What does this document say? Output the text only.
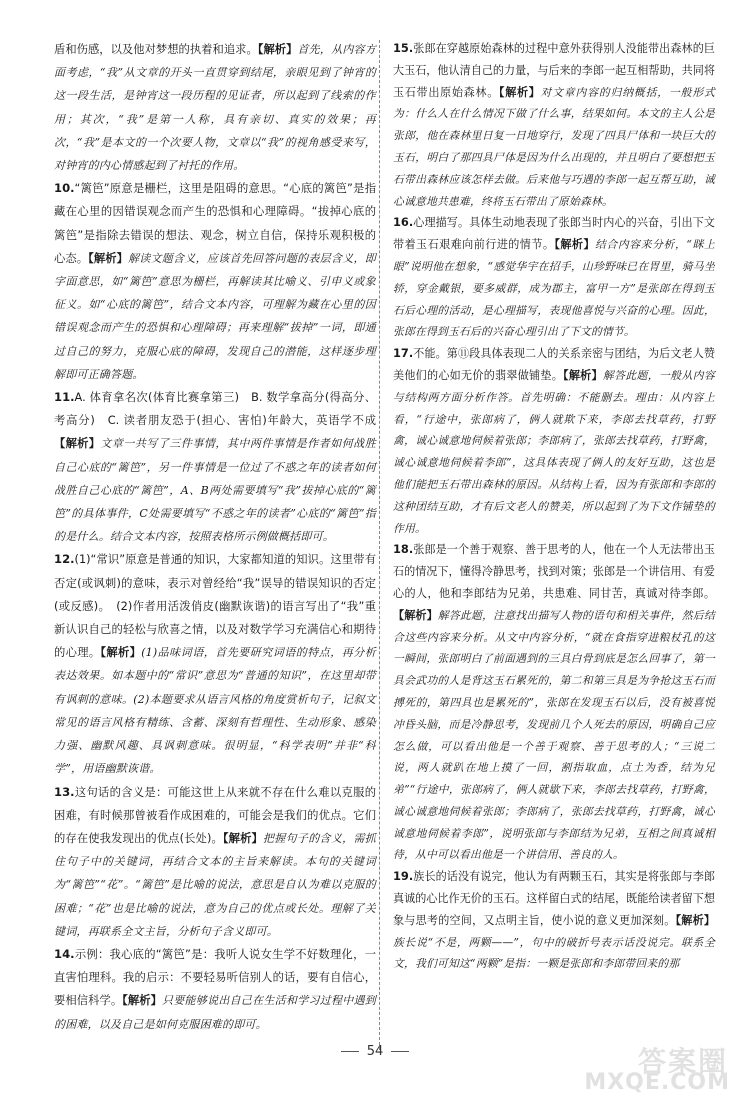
盾和伤感，以及他对梦想的执着和追求。【解析】首先，从内容方面考虑，“我”从文章的开头一直贯穿到结尾，亲眼见到了钟宵的这一段生活，是钟宵这一段历程的见证者，所以起到了线索的作用；其次，“我”是第一人称，具有亲切、真实的效果；再次，“我”是本文的一个次要人物，文章以“我”的视角感受来写，对钟宵的内心情感起到了衬托的作用。

10.“篱笆”原意是栅栏，这里是阻碍的意思。“心底的篱笆”是指藏在心里的因错误观念而产生的恐惧和心理障碍。“拔掉心底的篱笆”是指除去错误的想法、观念，树立自信，保持乐观积极的心态。【解析】解读文题含义，应该首先回答问题的表层含义，即字面意思，如“篱笆”意思为栅栏，再解读其比喻义、引申义或象征义。如“心底的篱笆”，结合文本内容，可理解为藏在心里的因错误观念而产生的恐惧和心理障碍；再来理解“拔掉”一词，即通过自己的努力，克服心底的障碍，发现自己的潜能，这样逐步理解即可正确答题。

11.A. 体育拿名次(体育比赛拿第三)　B. 数学拿高分(得高分、考高分)　C. 读者朋友恐于(担心、害怕)年龄大，英语学不成【解析】文章一共写了三件事情，其中两件事情是作者如何战胜自己心底的“篱笆”，另一件事情是一位过了不惑之年的读者如何战胜自己心底的“篱笆”，A、B两处需要填写“我”拔掉心底的“篱笆”的具体事件，C处需要填写“不惑之年的读者”心底的“篱笆”指的是什么。结合文本内容，按照表格所示例做概括即可。

12.(1)“常识”原意是普通的知识，大家都知道的知识。这里带有否定(或讽刺)的意味，表示对曾经给“我”误导的错误知识的否定(或反感)。　(2)作者用活泼俏皮(幽默诙谐)的语言写出了“我”重新认识自己的轻松与欣喜之情，以及对数学学习充满信心和期待的心理。【解析】(1)品味词语，首先要研究词语的特点，再分析表达效果。如本题中的“常识”意思为“普通的知识”，在这里却带有讽刺的意味。(2)本题要求从语言风格的角度赏析句子，记叙文常见的语言风格有精练、含蓄、深刻有哲理性、生动形象、感染力强、幽默风趣、具讽刺意味。很明显，“科学表明”并非“科学”，用语幽默诙谐。

13.这句话的含义是：可能这世上从来就不存在什么难以克服的困难，有时候那曾被看作成困难的，可能会是我们的优点。它们的存在使我发现出的优点(长处)。【解析】把握句子的含义，需抓住句子中的关键词，再结合文本的主旨来解读。本句的关键词为“篱笆”“花”。“篱笆”是比喻的说法，意思是自认为难以克服的困难；“花”也是比喻的说法，意为自己的优点或长处。理解了关键词，再联系全文主旨，分析句子含义即可。

14.示例：我心底的“篱笆”是：我听人说女生学不好数理化，一直害怕理科。我的启示：不要轻易听信别人的话，要有自信心，要相信科学。【解析】只要能够说出自己在生活和学习过程中遇到的困难，以及自己是如何克服困难的即可。

15.张郎在穿越原始森林的过程中意外获得别人没能带出森林的巨大玉石，他认清自己的力量，与后来的李郎一起互相帮助，共同将玉石带出原始森林。【解析】对文章内容的归纳概括，一般形式为：什么人在什么情况下做了什么事，结果如何。本文的主人公是张郎，他在森林里日复一日地穿行，发现了四具尸体和一块巨大的玉石，明白了那四具尸体是因为什么出现的，并且明白了要想把玉石带出森林应该怎样去做。后来他与巧遇的李郎一起互帮互助，诚心诚意地共患难，终将玉石带出了原始森林。

16.心理描写。具体生动地表现了张郎当时内心的兴奋，引出下文带着玉石艰难向前行进的情节。【解析】结合内容来分析，“眯上眼”说明他在想象，“感觉华宇在招手，山珍野味已在胃里，骑马坐轿，穿金戴银，要多威群，成为郡主，富甲一方”是张郎在得到玉石后心理的活动，是心理描写，表现他喜悦与兴奋的心理。因此，张郎在得到玉石后的兴奋心理引出了下文的情节。

17.不能。第⑪段具体表现二人的关系亲密与团结，为后文老人赞美他们的心如无价的翡翠做铺垫。【解析】解答此题，一般从内容与结构两方面分析作答。首先明确：不能删去。理由：从内容上看，“行途中，张郎病了，俩人就欺下来，李郎去找草药，打野禽，诚心诚意地伺候着张郎；李郎病了，张郎去找草药，打野禽，诚心诚意地伺候着李郎”，这具体表现了俩人的友好互助，这也是他们能把玉石带出森林的原因。从结构上看，因为有张郎和李郎的这种团结互助，才有后文老人的赞美，所以起到了为下文作铺垫的作用。

18.张郎是一个善于观察、善于思考的人，他在一个人无法带出玉石的情况下，懂得冷静思考，找到对策；张郎是一个讲信用、有爱心的人，他和李郎结为兄弟，共患难、同甘苦，真诚对待李郎。【解析】解答此题，注意找出描写人物的语句和相关事件，然后结合这些内容来分析。从文中内容分析，“就在食指穿进粮杖孔的这一瞬间，张郎明白了前面遇到的三具白骨到底是怎么回事了，第一具会武功的人是背这玉石累死的，第二和第三具是为争抢这玉石而搏死的，第四具也是累死的”，张郎在发现玉石以后，没有被喜悦冲昏头脑，而是冷静思考，发现前几个人死去的原因，明确自己应怎么做，可以看出他是一个善于观察、善于思考的人；“三说二说，两人就趴在地上摸了一回，割指取血，点土为香，结为兄弟”“行途中，张郎病了，俩人就歇下来，李郎去找草药，打野禽，诚心诚意地伺候着张郎；李郎病了，张郎去找草药，打野禽，诚心诚意地伺候着李郎”，说明张郎与李郎结为兄弟，互相之间真诚相待，从中可以看出他是一个讲信用、善良的人。

19.族长的话没有说完，他认为有两颗玉石，其实是将张郎与李郎真诚的心比作无价的玉石。这样留白式的结尾，既能给读者留下想象与思考的空间，又点明主旨，使小说的意义更加深刻。【解析】族长说“不是，两颗——”，句中的破折号表示话没说完。联系全文，我们可知这“两颗”是指：一颗是张郎和李郎带回来的那

54	答案圈
MXQE.COM
